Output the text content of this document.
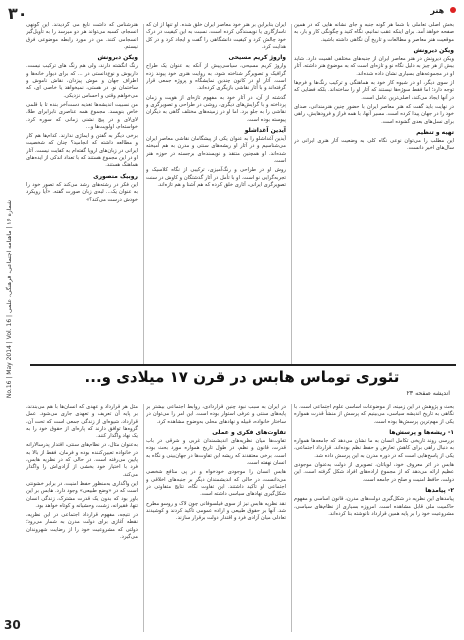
No.16 | May 2014 | Vol. 16 | شماره ۱۶ | ماهنامه اجتماعی، فرهنگی، علمی
30
۳۰	هنر

بخش اصلی تعاملی با شما هر گونه جنبه و جای نشانه هایی که در همین صفحه خواهد آمد. برای اینکه عقب نمانیم، نگاه کنید و چگونگی کار و بار، به موقعیت هنر معاصر و مطالعات و تاریخ آن نگاهی داشته باشید.

ویکن دیرونش

ویکن دیرونش در هنر معاصر ایران از جنبه‌های مختلفی اهمیت دارد. شاید بیش از هر چیز به دلیل نگاه نو و تازه‌ای است که به موضوع هنر داشته. آثار او در مجموعه‌های بسیاری نشان داده شده‌اند.

از سوی دیگر، او در شیوه کار خود به هماهنگی و ترکیب رنگ‌ها و فرم‌ها توجه دارد؛ اما فقط سوژه‌ها نیستند که آثار او را ساخته‌اند. بلکه فضایی که در آنها ایجاد می‌کند، اصلی‌ترین عامل است.

در نهایت باید گفت که هنر معاصر ایران با حضور چنین هنرمندانی، صدای خود را در جهان پیدا کرده است. مسیر آنها، با همه فراز و فرودهایش، راهی برای نسل‌های بعدی گشوده است.

تهیه و تنظیم

این مطلب را می‌توان نوعی نگاه کلی به وضعیت آثار هنری ایرانی در سال‌های اخیر دانست.

ایران بنابراین بر هنر خود معاصر ایران خلق شده. او تنها از آن که ناسازگاری یا نویسندگی کرده است، نسبت به این کیفیت در درک خود چالش کرد و کیفیت دانشگاهی را گفت و ایجاد کرد و در کل هدایت کرد.

واروژ کریم مسیحی

واروژ کریم مسیحی، سیاسی‌پیش از آنکه به عنوان یک طراح گرافیک و تصویرگر شناخته شود، به روایت هنری خود پیوند زده است. آثار او در کانون چندین نمایشگاه و پروژه جمعی قرار گرفته‌اند و با آثار نقاشی بازیگری کرده‌اند.

گذشته از آن، در آثار خود به مفهوم تازه‌ای از هویت و زمان پرداخته و با گرایش‌های دیگری، روشی در طراحی و تصویرگری و نقاشی را به جلو برد. اما او در زمینه‌های مختلف گاهی به دیگران پیوسته بوده است.

آیدین آغداشلو

آیدین آغداشلو را به عنوان یکی از پیشگامان نقاشی معاصر ایران می‌شناسیم و در آثار او ریشه‌های سنتی و مدرن به هم آمیخته شده‌اند. او همچنین منتقد و نویسنده‌ای برجسته در حوزه هنر است.

روش او در طراحی و رنگ‌آمیزی، ترکیبی از نگاه کلاسیک و تجربه‌گرایی نو است. او با تأمل در آثار گذشتگان و کاوش در سنت تصویرگری ایرانی، آثاری خلق کرده که هم آشنا و هم تازه‌اند.

هنرشناس که داشت نابغ می گردیدند. این گونهی انسجام، کسبه می‌تواند هر دو میرسد را به تأویل‌گیر انسجامی کنند. من در مورد رابطه موضوعی فرق نیستم.

ویکن دبرونش

رنگ انگشته دارند، ولی هم رنگ های ترکیب نیست. داریوش و نوع‌دانستی در ... که برای دیوار خانه‌ها و اطراف جهان و موش پیزدان، نقاش ناموش و ساختمان نو. در هستی، نمیخواهد یا خاصی ای، که می‌خواهم وقتی و احساس نزدیکی.

من نسبیت اندیشه‌ها تغذیه دست‌آخر بنده تا با قلمی خاص بنویسد. مجموع همه عناصری نابرابرای طلا، لای‌لای و در پیچ نشنی زمانی که سوره کرد. خواسته‌ام، اولویت‌ها و...

برخی دیگر به گفتن و ایماژی ندارند. کدام‌ها هم کار و مطالعه داشته که انجامید؟ چنان که شخصیت ایرانی در زبان‌های اروپا گفته‌ام به کفایت نیست. آثار او در این مجموع هستند که با تعداد اندکی از ایده‌های هماهنگ هستند.

روبیک منصوری

این فکر در رشته‌های رشد می‌کند که تصور خود را به عنوان یک... لبه‌ی زبان صورت گفته. «آیا رویکرد خودش درست می‌کند؟»

تئوری توماس هابس در قرن ۱۷ میلادی و...
اندیشه صفحه ۲۳

بحث و پژوهش در این زمینه، از موضوعات اساسی علوم اجتماعی است. با نگاهی به تاریخ اندیشه سیاسی، می‌بینیم که پرسش از منشأ قدرت همواره یکی از مهم‌ترین پرسش‌ها بوده است.

۱- ریشه‌ها و پرسش‌ها

بررسی روند تاریخی تکامل انسان به ما نشان می‌دهد که جامعه‌ها همواره به دنبال راهی برای کاهش تعارض و حفظ نظم بوده‌اند. قرارداد اجتماعی، یکی از پاسخ‌هایی است که در دوره مدرن به این پرسش داده شد.

هابس در اثر معروف خود، لویاتان، تصویری از دولت به‌عنوان موجودی عظیم ارائه می‌دهد که از مجموع اراده‌های افراد شکل گرفته است. این دولت، حافظ امنیت و صلح در جامعه است.

۲- پیامدها

پیامدهای این نظریه در شکل‌گیری دولت‌های مدرن، قانون اساسی و مفهوم حاکمیت ملی قابل مشاهده است. امروزه بسیاری از نظام‌های سیاسی، مشروعیت خود را بر پایه همین قرارداد نانوشته بنا کرده‌اند.

در ایران به سبب نبود چنین قراردادی، روابط اجتماعی بیشتر بر پایه‌های سنتی و عرفی استوار بوده است. این امر را می‌توان در ساختار خانواده، قبیله و نهادهای محلی به‌وضوح مشاهده کرد.

تفاوت‌های فکری و عملی

تفاوت‌ها میان نظریه‌های اندیشمندان غربی و شرقی در باب قدرت، قانون و نظم، در طول تاریخ همواره مورد بحث بوده است. برخی معتقدند که ریشه این تفاوت‌ها در جهان‌بینی و نگاه به انسان نهفته است.

هابس انسان را موجودی خودخواه و در پی منافع شخصی می‌دانست، در حالی که اندیشمندان دیگر بر جنبه‌های اخلاقی و اجتماعی او تأکید داشتند. این تفاوت نگاه، نتایج متفاوتی در شکل‌گیری نهادهای سیاسی داشته است.

نقد نظریه هابس نیز از سوی فیلسوفانی چون لاک و روسو مطرح شد. آنها بر حقوق طبیعی و اراده عمومی تأکید کردند و کوشیدند تعادلی میان آزادی فرد و اقتدار دولت برقرار سازند.

مثل هر قرارداد و عهدی که انسان‌ها با هم می‌بندند، بر پایه آن تعریف و تعهدی جاری می‌شود. عمل قرارداد، شیوه‌ای از زندگی جمعی است که تحت آن، گروه‌ها توافق دارند که پاره‌ای از حقوق خود را به یک نهاد واگذار کنند.

به‌عنوان مثال، در نظام‌های سنتی، اقتدار پدرسالارانه در خانواده تعیین‌کننده بوده و فرمان، فقط از بالا به پایین می‌رفته است. در حالی که در نظریه هابس، فرد با اختیار خود بخشی از آزادی‌اش را واگذار می‌کند.

این واگذاری به‌منظور حفظ امنیت، در برابر خشونتی است که در «وضع طبیعی» وجود دارد. هابس بر این باور بود که بدون یک قدرت مشترک، زندگی انسان تنها، فقیرانه، زشت، وحشیانه و کوتاه خواهد بود.

در نتیجه، مفهوم قرارداد اجتماعی در این نظریه، نقطه آغازی برای دولت مدرن به شمار می‌رود؛ دولتی که مشروعیت خود را از رضایت شهروندان می‌گیرد.
